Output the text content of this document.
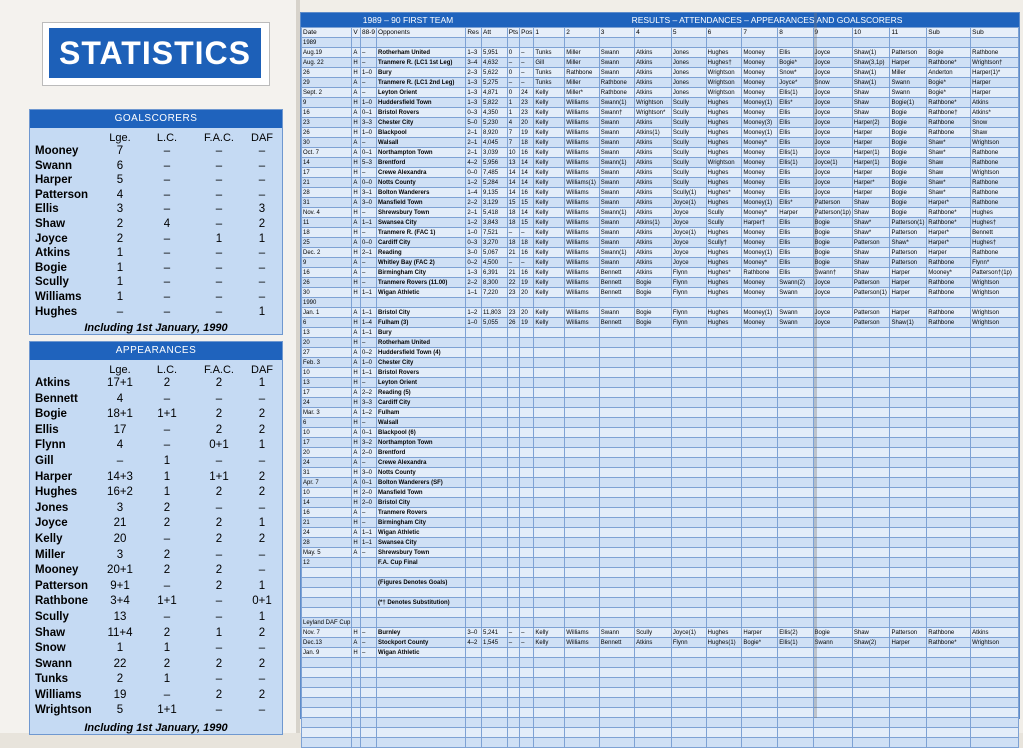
STATISTICS
GOALSCORERS
Lge.	L.C.	F.A.C.	DAF
Mooney	7	–	–	–
Swann	6	–	–	–
Harper	5	–	–	–
Patterson	4	–	–	–
Ellis	3	–	–	3
Shaw	2	4	–	2
Joyce	2	–	1	1
Atkins	1	–	–	–
Bogie	1	–	–	–
Scully	1	–	–	–
Williams	1	–	–	–
Hughes	–	–	–	1
Including 1st January, 1990
APPEARANCES
Lge.	L.C.	F.A.C.	DAF
Atkins	17+1	2	2	1
Bennett	4	–	–	–
Bogie	18+1	1+1	2	2
Ellis	17	–	2	2
Flynn	4	–	0+1	1
Gill	–	1	–	–
Harper	14+3	1	1+1	2
Hughes	16+2	1	2	2
Jones	3	2	–	–
Joyce	21	2	2	1
Kelly	20	–	2	2
Miller	3	2	–	–
Mooney	20+1	2	2	–
Patterson	9+1	–	2	1
Rathbone	3+4	1+1	–	0+1
Scully	13	–	–	1
Shaw	11+4	2	1	2
Snow	1	1	–	–
Swann	22	2	2	2
Tunks	2	1	–	–
Williams	19	–	2	2
Wrightson	5	1+1	–	–
Including 1st January, 1990
1989 – 90 FIRST TEAM	RESULTS – ATTENDANCES – APPEARANCES AND GOALSCORERS
Date	V	88-9	Opponents	Res	Att	Pts	Pos	1	2	3	4	5	6	7	8	9	10	11	Sub	Sub
1989																				
Aug.19	A	–	Rotherham United	1–3	5,951	0	–	Tunks	Miller	Swann	Atkins	Jones	Hughes	Mooney	Ellis	Joyce	Shaw(1)	Patterson	Bogie	Rathbone
Aug. 22	H	–	Tranmere R. (LC1 1st Leg)	3–4	4,632	–	–	Gill	Miller	Swann	Atkins	Jones	Hughes†	Mooney	Bogie*	Joyce	Shaw(3,1p)	Harper	Rathbone*	Wrightson†
26	H	1–0	Bury	2–3	5,622	0	–	Tunks	Rathbone	Swann	Atkins	Jones	Wrightson	Mooney	Snow*	Joyce	Shaw(1)	Miller	Anderton	Harper(1)*
29	A	–	Tranmere R. (LC1 2nd Leg)	1–3	5,275	–	–	Tunks	Miller	Rathbone	Atkins	Jones	Wrightson	Mooney	Joyce*	Snow	Shaw(1)	Swann	Bogie*	Harper
Sept. 2	A	–	Leyton Orient	1–3	4,871	0	24	Kelly	Miller*	Rathbone	Atkins	Jones	Wrightson	Mooney	Ellis(1)	Joyce	Shaw	Swann	Bogie*	Harper
9	H	1–0	Huddersfield Town	1–3	5,822	1	23	Kelly	Williams	Swann(1)	Wrightson	Scully	Hughes	Mooney(1)	Ellis*	Joyce	Shaw	Bogie(1)	Rathbone*	Atkins
16	A	0–1	Bristol Rovers	0–3	4,350	1	23	Kelly	Williams	Swann†	Wrightson*	Scully	Hughes	Mooney	Ellis	Joyce	Shaw	Bogie	Rathbone†	Atkins*
23	H	3–3	Chester City	5–0	5,230	4	20	Kelly	Williams	Swann	Atkins	Scully	Hughes	Mooney(3)	Ellis	Joyce	Harper(2)	Bogie	Rathbone	Snow
26	H	1–0	Blackpool	2–1	8,920	7	19	Kelly	Williams	Swann	Atkins(1)	Scully	Hughes	Mooney(1)	Ellis	Joyce	Harper	Bogie	Rathbone	Shaw
30	A	–	Walsall	2–1	4,045	7	18	Kelly	Williams	Swann	Atkins	Scully	Hughes	Mooney*	Ellis	Joyce	Harper	Bogie	Shaw*	Wrightson
Oct. 7	A	0–1	Northampton Town	2–1	3,039	10	16	Kelly	Williams	Swann	Atkins	Scully	Hughes	Mooney	Ellis(1)	Joyce	Harper(1)	Bogie	Shaw*	Rathbone
14	H	5–3	Brentford	4–2	5,956	13	14	Kelly	Williams	Swann(1)	Atkins	Scully	Wrightson	Mooney	Ellis(1)	Joyce(1)	Harper(1)	Bogie	Shaw	Rathbone
17	H	–	Crewe Alexandra	0–0	7,485	14	14	Kelly	Williams	Swann	Atkins	Scully	Hughes	Mooney	Ellis	Joyce	Harper	Bogie	Shaw	Wrightson
21	A	0–0	Notts County	1–2	5,284	14	14	Kelly	Williams(1)	Swann	Atkins	Scully	Hughes	Mooney	Ellis	Joyce	Harper*	Bogie	Shaw*	Rathbone
28	H	3–1	Bolton Wanderers	1–4	9,135	14	16	Kelly	Williams	Swann	Atkins	Scully(1)	Hughes*	Mooney	Ellis	Joyce	Harper	Bogie	Shaw*	Rathbone
31	A	3–0	Mansfield Town	2–2	3,129	15	15	Kelly	Williams	Swann	Atkins	Joyce(1)	Hughes	Mooney(1)	Ellis*	Patterson	Shaw	Bogie	Harper*	Rathbone
Nov. 4	H	–	Shrewsbury Town	2–1	5,418	18	14	Kelly	Williams	Swann(1)	Atkins	Joyce	Scully	Mooney*	Harper	Patterson(1p)	Shaw	Bogie	Rathbone*	Hughes
11	A	1–1	Swansea City	1–2	3,843	18	15	Kelly	Williams	Swann	Atkins(1)	Joyce	Scully	Harper†	Ellis	Bogie	Shaw*	Patterson(1)	Rathbone*	Hughes†
18	H	–	Tranmere R. (FAC 1)	1–0	7,521	–	–	Kelly	Williams	Swann	Atkins	Joyce(1)	Hughes	Mooney	Ellis	Bogie	Shaw*	Patterson	Harper*	Bennett
25	A	0–0	Cardiff City	0–3	3,270	18	18	Kelly	Williams	Swann	Atkins	Joyce	Scully†	Mooney	Ellis	Bogie	Patterson	Shaw*	Harper*	Hughes†
Dec. 2	H	2–1	Reading	3–0	5,067	21	16	Kelly	Williams	Swann(1)	Atkins	Joyce	Hughes	Mooney(1)	Ellis	Bogie	Shaw	Patterson	Harper	Rathbone
9	A	–	Whitley Bay (FAC 2)	0–2	4,500	–	–	Kelly	Williams	Swann	Atkins	Joyce	Hughes	Mooney*	Ellis	Bogie	Shaw	Patterson	Rathbone	Flynn*
16	A	–	Birmingham City	1–3	6,391	21	16	Kelly	Williams	Bennett	Atkins	Flynn	Hughes*	Rathbone	Ellis	Swann†	Shaw	Harper	Mooney*	Patterson†(1p)
26	H	–	Tranmere Rovers (11.00)	2–2	8,300	22	19	Kelly	Williams	Bennett	Bogie	Flynn	Hughes	Mooney	Swann(2)	Joyce	Patterson	Harper	Rathbone	Wrightson
30	H	1–1	Wigan Athletic	1–1	7,220	23	20	Kelly	Williams	Bennett	Bogie	Flynn	Hughes	Mooney	Swann	Joyce	Patterson(1)	Harper	Rathbone	Wrightson
1990																				
Jan. 1	A	1–1	Bristol City	1–2	11,803	23	20	Kelly	Williams	Swann	Bogie	Flynn	Hughes	Mooney(1)	Swann	Joyce	Patterson	Harper	Rathbone	Wrightson
6	H	1–4	Fulham (3)	1–0	5,055	26	19	Kelly	Williams	Bennett	Bogie	Flynn	Hughes	Mooney	Swann	Joyce	Patterson	Shaw(1)	Rathbone	Wrightson
13	A	1–1	Bury																	
20	H	–	Rotherham United																	
27	A	0–2	Huddersfield Town (4)																	
Feb. 3	A	1–0	Chester City																	
10	H	1–1	Bristol Rovers																	
13	H	–	Leyton Orient																	
17	A	2–2	Reading (5)																	
24	H	3–3	Cardiff City																	
Mar. 3	A	1–2	Fulham																	
6	H	–	Walsall																	
10	A	0–1	Blackpool (6)																	
17	H	3–2	Northampton Town																	
20	A	2–0	Brentford																	
24	A	–	Crewe Alexandra																	
31	H	3–0	Notts County																	
Apr. 7	A	0–1	Bolton Wanderers (SF)																	
10	H	2–0	Mansfield Town																	
14	H	2–0	Bristol City																	
16	A	–	Tranmere Rovers																	
21	H	–	Birmingham City																	
24	A	1–1	Wigan Athletic																	
28	H	1–1	Swansea City																	
May. 5	A	–	Shrewsbury Town																	
12			F.A. Cup Final																	

			(Figures Denotes Goals)																	

			(*† Denotes Substitution)																	

Leyland DAF Cup																				
Nov. 7	H	–	Burnley	3–0	5,241	–	–	Kelly	Williams	Swann	Scully	Joyce(1)	Hughes	Harper	Ellis(2)	Bogie	Shaw	Patterson	Rathbone	Atkins
Dec.13	A	–	Stockport County	4–2	1,545	–	–	Kelly	Williams	Bennett	Atkins	Flynn	Hughes(1)	Bogie*	Ellis(1)	Swann	Shaw(2)	Harper	Rathbone*	Wrightson
Jan. 9	H	–	Wigan Athletic																	
